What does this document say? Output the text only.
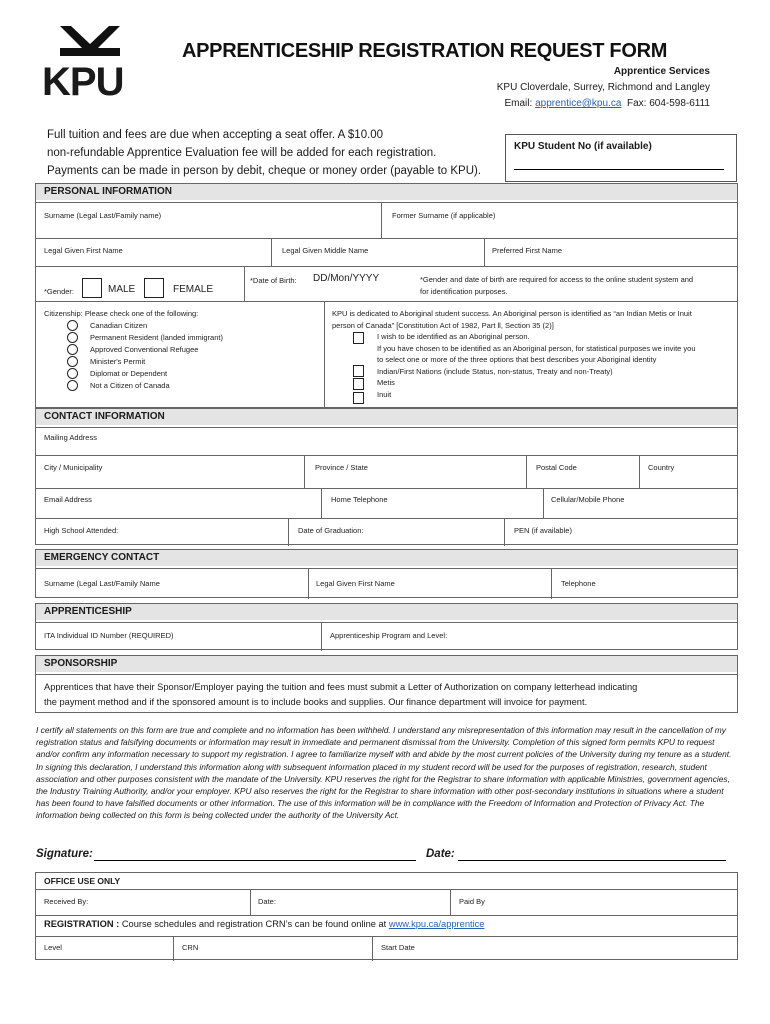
KPU
APPRENTICESHIP REGISTRATION REQUEST FORM
Apprentice Services
KPU Cloverdale, Surrey, Richmond and Langley
Email: apprentice@kpu.ca Fax: 604-598-6111
Full tuition and fees are due when accepting a seat offer. A $10.00
non-refundable Apprentice Evaluation fee will be added for each registration.
Payments can be made in person by debit, cheque or money order (payable to KPU).
KPU Student No (if available)
PERSONAL INFORMATION
Surname (Legal Last/Family name)	Former Surname (if applicable)
Legal Given First Name	Legal Given Middle Name	Preferred First Name
*Gender:	MALE	FEMALE
*Date of Birth: DD/Mon/YYYY	*Gender and date of birth are required for access to the online student system and
for identification purposes.
Citizenship: Please check one of the following:
Canadian Citizen
Permanent Resident (landed immigrant)
Approved Conventional Refugee
Minister's Permit
Diplomat or Dependent
Not a Citizen of Canada
KPU is dedicated to Aboriginal student success. An Aboriginal person is identified as “an Indian Metis or Inuit
person of Canada” [Constitution Act of 1982, Part ll, Section 35 (2)]
I wish to be identified as an Aboriginal person.
If you have chosen to be identified as an Aboriginal person, for statistical purposes we invite you
to select one or more of the three options that best describes your Aboriginal identity
Indian/First Nations (include Status, non-status, Treaty and non-Treaty)
Metis
Inuit
CONTACT INFORMATION
Mailing Address
City / Municipality	Province / State	Postal Code	Country
Email Address	Home Telephone	Cellular/Mobile Phone
High School Attended:	Date of Graduation:	PEN (if available)
EMERGENCY CONTACT
Surname (Legal Last/Family Name	Legal Given First Name	Telephone
APPRENTICESHIP
ITA Individual ID Number (REQUIRED)	Apprenticeship Program and Level:
SPONSORSHIP
Apprentices that have their Sponsor/Employer paying the tuition and fees must submit a Letter of Authorization on company letterhead indicating
the payment method and if the sponsored amount is to include books and supplies. Our finance department will invoice for payment.
I certify all statements on this form are true and complete and no information has been withheld. I understand any misrepresentation of this information may result in the cancellation of my registration status and falsifying documents or information may result in immediate and permanent dismissal from the University. Completion of this signed form permits KPU to request and/or confirm any information necessary to support my registration. I agree to familiarize myself with and abide by the most current policies of the University during my tenure as a student. In signing this declaration, I understand this information along with subsequent information placed in my student record will be used for the purposes of registration, research, student association and other purposes consistent with the mandate of the University. KPU reserves the right for the Registrar to share information with applicable Ministries, government agencies, the Industry Training Authority, and/or your employer. KPU also reserves the right for the Registrar to share information with other post-secondary institutions in situations where a student has been found to have falsified documents or other information. The use of this information will be in compliance with the Freedom of Information and Protection of Privacy Act. The information being collected on this form is being collected under the authority of the University Act.
Signature:	Date:
OFFICE USE ONLY
Received By:	Date:	Paid By
REGISTRATION : Course schedules and registration CRN’s can be found online at www.kpu.ca/apprentice
Level	CRN	Start Date
